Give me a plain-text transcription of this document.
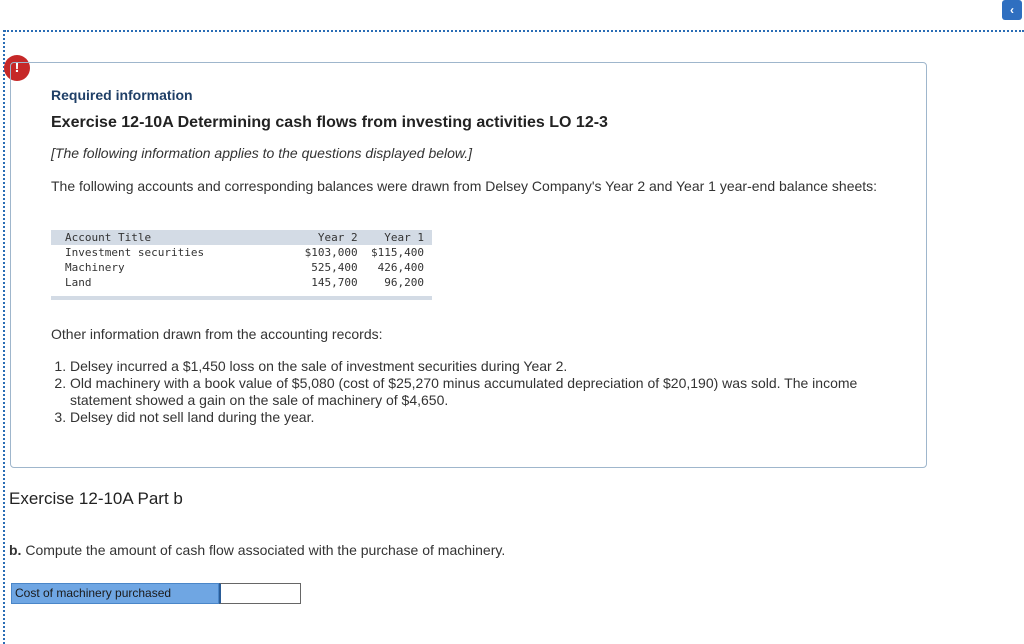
‹
!
Required information
Exercise 12-10A Determining cash flows from investing activities LO 12-3
[The following information applies to the questions displayed below.]
The following accounts and corresponding balances were drawn from Delsey Company's Year 2 and Year 1 year-end balance sheets:
Account Title	Year 2	Year 1
Investment securities	$103,000	$115,400
Machinery	525,400	426,400
Land	145,700	96,200
Other information drawn from the accounting records:
1. Delsey incurred a $1,450 loss on the sale of investment securities during Year 2.
2. Old machinery with a book value of $5,080 (cost of $25,270 minus accumulated depreciation of $20,190) was sold. The income statement showed a gain on the sale of machinery of $4,650.
3. Delsey did not sell land during the year.
Exercise 12-10A Part b
b. Compute the amount of cash flow associated with the purchase of machinery.
Cost of machinery purchased
